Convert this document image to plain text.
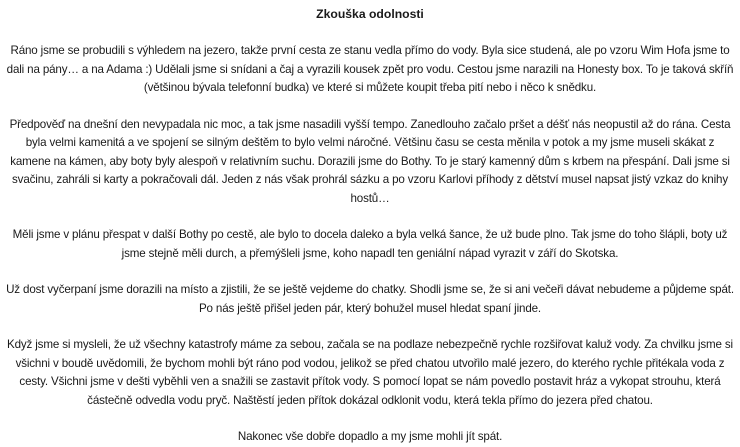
Zkouška odolnosti

Ráno jsme se probudili s výhledem na jezero, takže první cesta ze stanu vedla přímo do vody. Byla sice studená, ale po vzoru Wim Hofa jsme to dali na pány… a na Adama :) Udělali jsme si snídani a čaj a vyrazili kousek zpět pro vodu. Cestou jsme narazili na Honesty box. To je taková skříň (většinou bývala telefonní budka) ve které si můžete koupit třeba pití nebo i něco k snědku.

Předpověď na dnešní den nevypadala nic moc, a tak jsme nasadili vyšší tempo. Zanedlouho začalo pršet a déšť nás neopustil až do rána. Cesta byla velmi kamenitá a ve spojení se silným deštěm to bylo velmi náročné. Většinu času se cesta měnila v potok a my jsme museli skákat z kamene na kámen, aby boty byly alespoň v relativním suchu. Dorazili jsme do Bothy. To je starý kamenný dům s krbem na přespání. Dali jsme si svačinu, zahráli si karty a pokračovali dál. Jeden z nás však prohrál sázku a po vzoru Karlovi příhody z dětství musel napsat jistý vzkaz do knihy hostů…

Měli jsme v plánu přespat v další Bothy po cestě, ale bylo to docela daleko a byla velká šance, že už bude plno. Tak jsme do toho šlápli, boty už jsme stejně měli durch, a přemýšleli jsme, koho napadl ten geniální nápad vyrazit v září do Skotska.

Už dost vyčerpaní jsme dorazili na místo a zjistili, že se ještě vejdeme do chatky. Shodli jsme se, že si ani večeři dávat nebudeme a půjdeme spát. Po nás ještě přišel jeden pár, který bohužel musel hledat spaní jinde.

Když jsme si mysleli, že už všechny katastrofy máme za sebou, začala se na podlaze nebezpečně rychle rozšiřovat kaluž vody. Za chvilku jsme si všichni v boudě uvědomili, že bychom mohli být ráno pod vodou, jelikož se před chatou utvořilo malé jezero, do kterého rychle přitékala voda z cesty. Všichni jsme v dešti vyběhli ven a snažili se zastavit přítok vody. S pomocí lopat se nám povedlo postavit hráz a vykopat strouhu, která částečně odvedla vodu pryč. Naštěstí jeden přítok dokázal odklonit vodu, která tekla přímo do jezera před chatou.

Nakonec vše dobře dopadlo a my jsme mohli jít spát.
